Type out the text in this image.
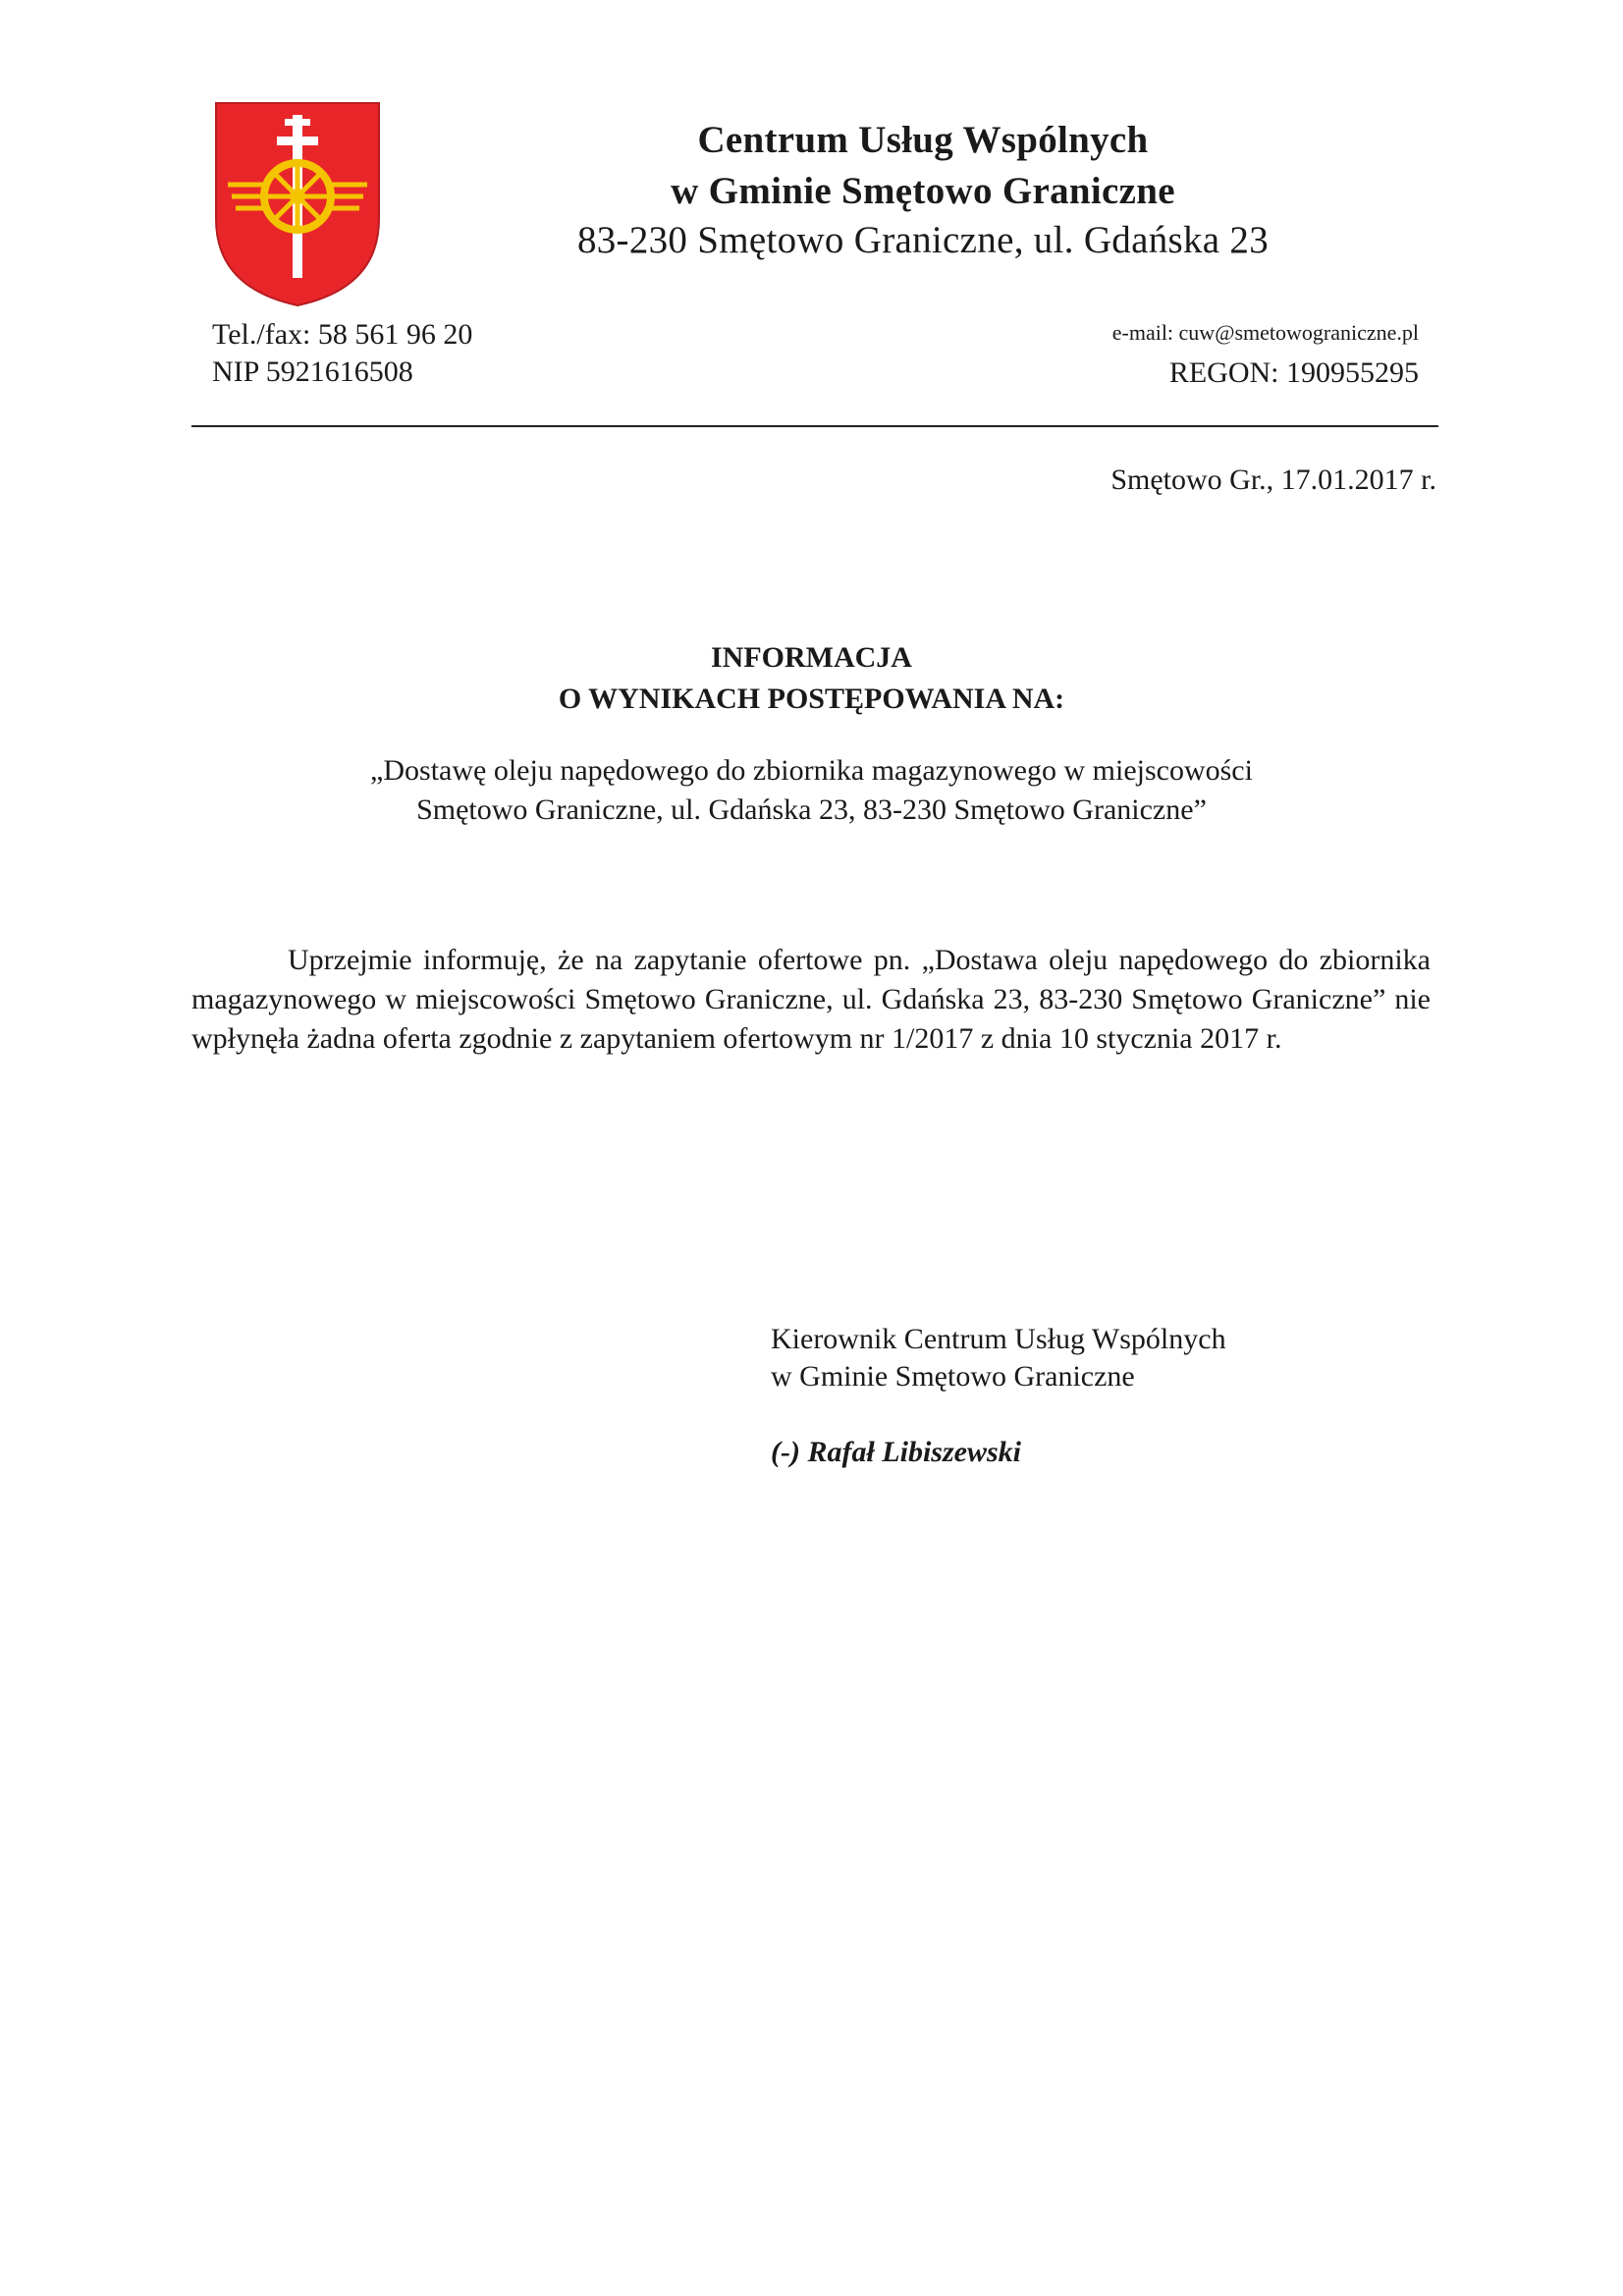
Centrum Usług Wspólnych
w Gminie Smętowo Graniczne
83-230 Smętowo Graniczne, ul. Gdańska 23
Tel./fax: 58 561 96 20
NIP 5921616508
e-mail: cuw@smetowograniczne.pl
REGON: 190955295
Smętowo Gr., 17.01.2017 r.
INFORMACJA
O WYNIKACH POSTĘPOWANIA NA:
„Dostawę oleju napędowego do zbiornika magazynowego w miejscowości
Smętowo Graniczne, ul. Gdańska 23, 83-230 Smętowo Graniczne”
Uprzejmie informuję, że na zapytanie ofertowe pn. „Dostawa oleju napędowego do zbiornika magazynowego w miejscowości Smętowo Graniczne, ul. Gdańska 23, 83-230 Smętowo Graniczne” nie wpłynęła żadna oferta zgodnie z zapytaniem ofertowym nr 1/2017 z dnia 10 stycznia 2017 r.
Kierownik Centrum Usług Wspólnych
w Gminie Smętowo Graniczne
(-) Rafał Libiszewski
